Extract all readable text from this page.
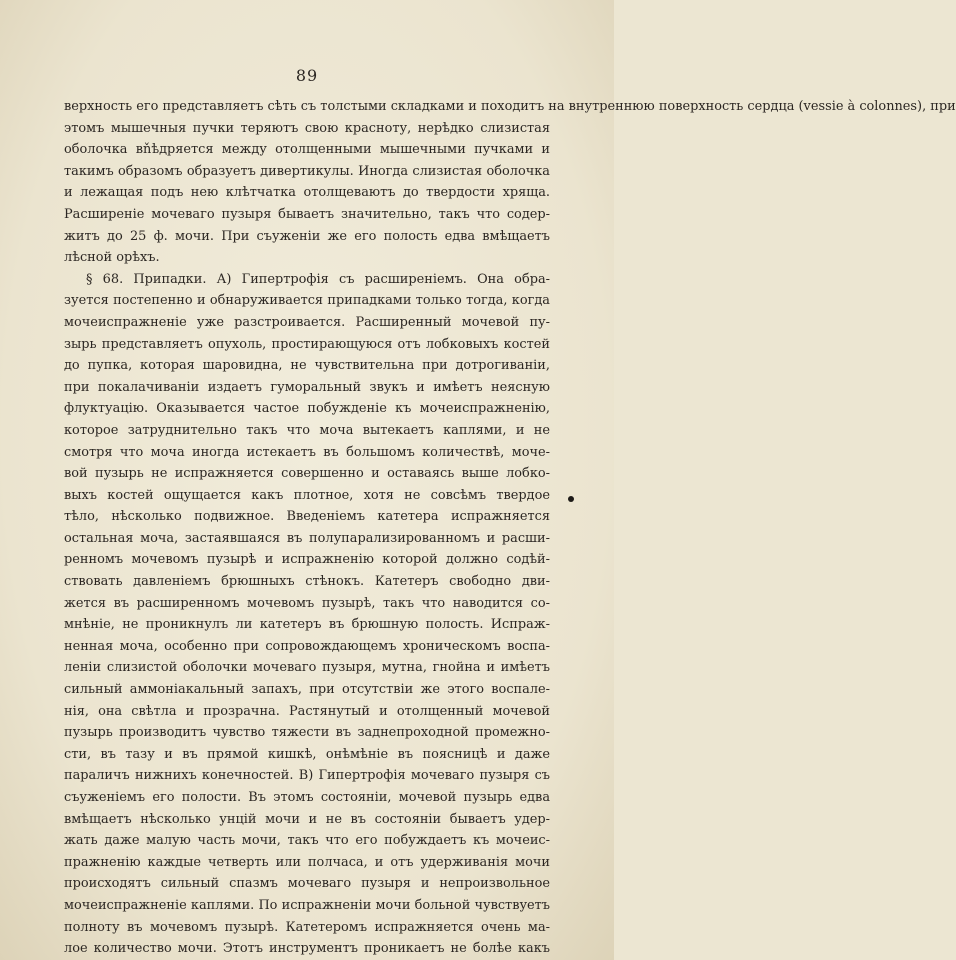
89
верхность его представляетъ сѣть съ толстыми складками и походитъ на внутреннюю поверхность сердца (vessie à colonnes), при
этомъ мышечныя пучки теряютъ свою красноту, нерѣдко слизистая
оболочка вňѣдряется между отолщенными мышечными пучками и
такимъ образомъ образуетъ дивертикулы. Иногда слизистая оболочка
и лежащая подъ нею клѣтчатка отолщеваютъ до твердости хряща.
Расширеніе мочеваго пузыря бываетъ значительно, такъ что содер-
житъ до 25 ф. мочи. При съуженіи же его полость едва вмѣщаетъ
лѣсной орѣхъ.
§ 68. Припадки. А) Гипертрофія съ расширеніемъ. Она обра-
зуется постепенно и обнаруживается припадками только тогда, когда
мочеиспражненіе уже разстроивается. Расширенный мочевой пу-
зырь представляетъ опухоль, простирающуюся отъ лобковыхъ костей
до пупка, которая шаровидна, не чувствительна при дотрогиваніи,
при покалачиваніи издаетъ гуморальный звукъ и имѣетъ неясную
флуктуацію. Оказывается частое побужденіе къ мочеиспражненію,
которое затруднительно такъ что моча вытекаетъ каплями, и не
смотря что моча иногда истекаетъ въ большомъ количествѣ, моче-
вой пузырь не испражняется совершенно и оставаясь выше лобко-
выхъ костей ощущается какъ плотное, хотя не совсѣмъ твердое
тѣло, нѣсколько подвижное. Введеніемъ катетера испражняется
остальная моча, застаявшаяся въ полупарализированномъ и расши-
ренномъ мочевомъ пузырѣ и испражненію которой должно содѣй-
ствовать давленіемъ брюшныхъ стѣнокъ. Катетеръ свободно дви-
жется въ расширенномъ мочевомъ пузырѣ, такъ что наводится со-
мнѣніе, не проникнулъ ли катетеръ въ брюшную полость. Испраж-
ненная моча, особенно при сопровождающемъ хроническомъ воспа-
леніи слизистой оболочки мочеваго пузыря, мутна, гнойна и имѣетъ
сильный аммоніакальный запахъ, при отсутствіи же этого воспале-
нія, она свѣтла и прозрачна. Растянутый и отолщенный мочевой
пузырь производитъ чувство тяжести въ заднепроходной промежно-
сти, въ тазу и въ прямой кишкѣ, онѣмѣніе въ поясницѣ и даже
параличъ нижнихъ конечностей. В) Гипертрофія мочеваго пузыря съ
съуженіемъ его полости. Въ этомъ состояніи, мочевой пузырь едва
вмѣщаетъ нѣсколько унцій мочи и не въ состояніи бываетъ удер-
жать даже малую часть мочи, такъ что его побуждаетъ къ мочеис-
пражненію каждые четверть или полчаса, и отъ удерживанія мочи
происходятъ сильный спазмъ мочеваго пузыря и непроизвольное
мочеиспражненіе каплями. По испражненіи мочи больной чувствуетъ
полноту въ мочевомъ пузырѣ. Катетеромъ испражняется очень ма-
лое количество мочи. Этотъ инструментъ проникаетъ не болѣе какъ
